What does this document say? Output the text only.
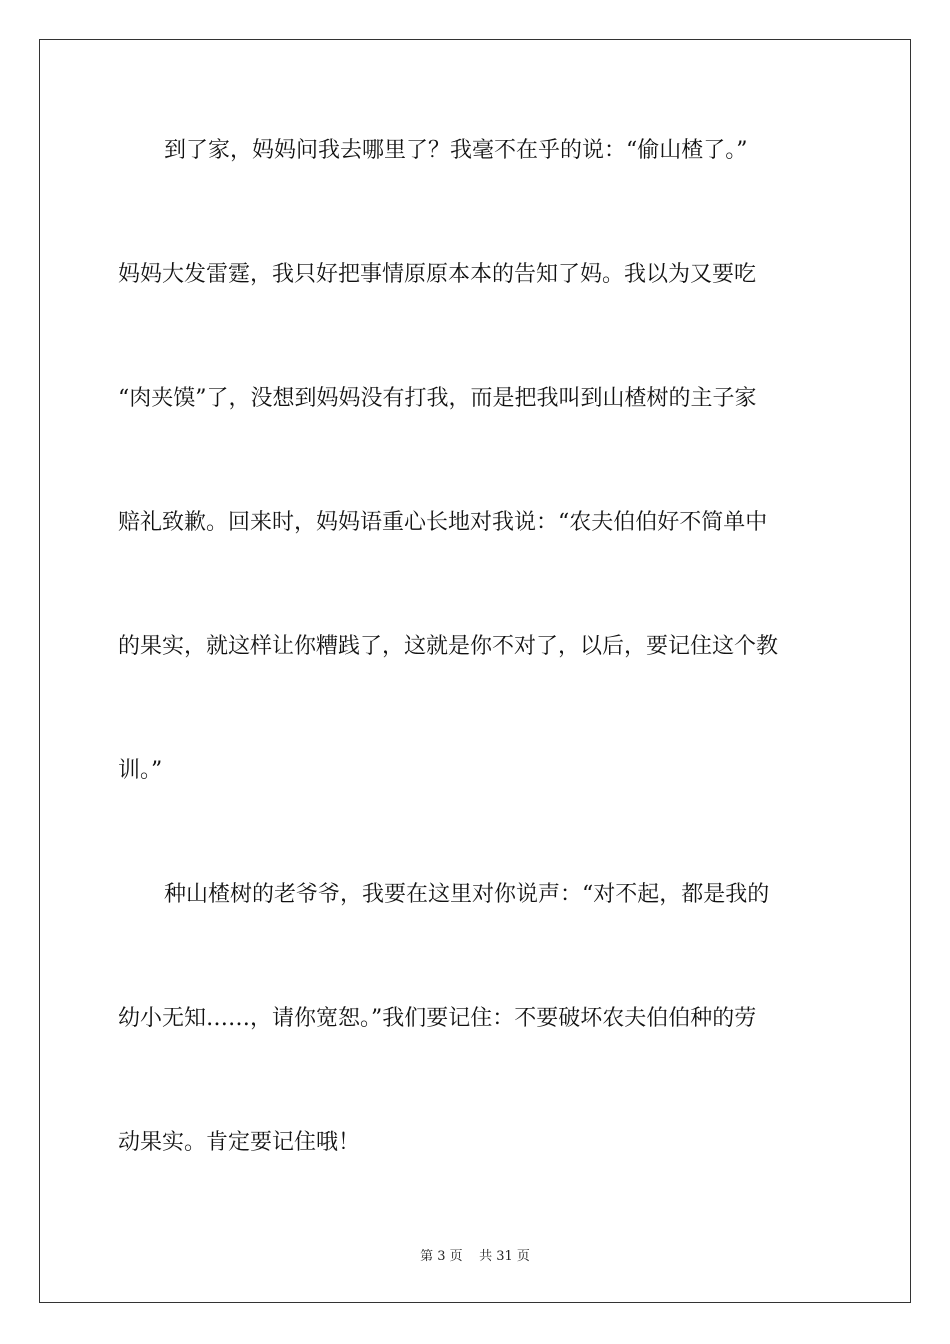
到了家，妈妈问我去哪里了？我毫不在乎的说：“偷山楂了。”
妈妈大发雷霆，我只好把事情原原本本的告知了妈。我以为又要吃
“肉夹馍”了，没想到妈妈没有打我，而是把我叫到山楂树的主子家
赔礼致歉。回来时，妈妈语重心长地对我说：“农夫伯伯好不简单中
的果实，就这样让你糟践了，这就是你不对了，以后，要记住这个教
训。”
种山楂树的老爷爷，我要在这里对你说声：“对不起，都是我的
幼小无知……，请你宽恕。”我们要记住：不要破坏农夫伯伯种的劳
动果实。肯定要记住哦！
第 3 页    共 31 页
